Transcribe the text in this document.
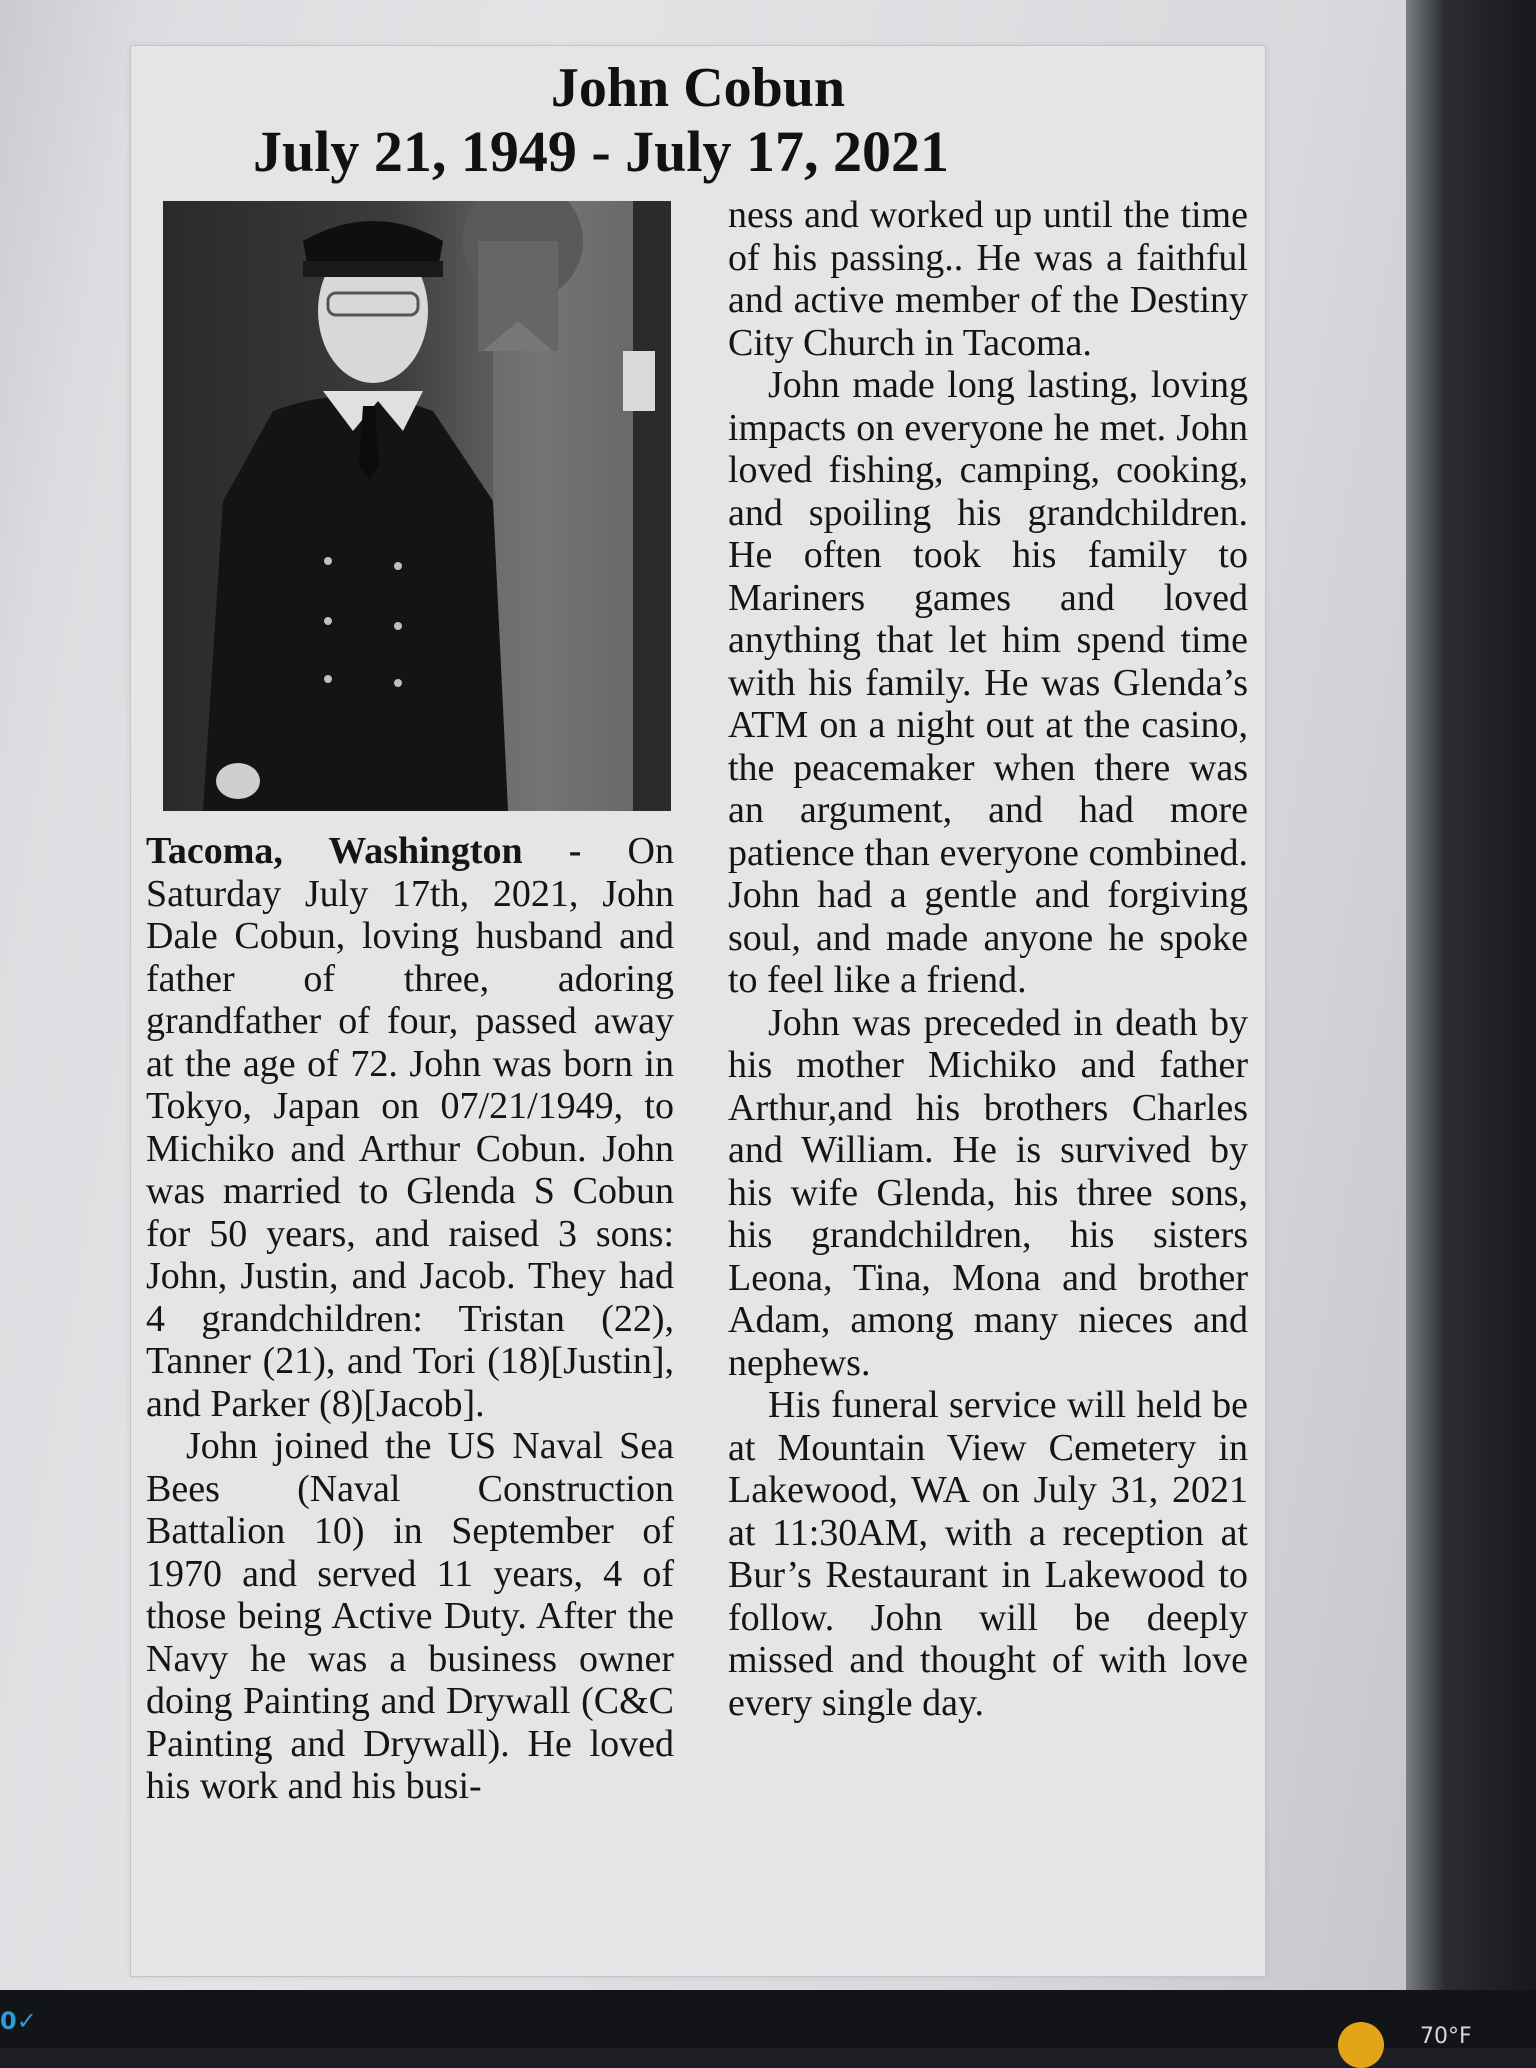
John Cobun
July 21, 1949 - July 17, 2021

Tacoma, Washington - On Saturday July 17th, 2021, John Dale Cobun, loving husband and father of three, adoring grandfather of four, passed away at the age of 72. John was born in Tokyo, Japan on 07/21/1949, to Michiko and Arthur Cobun. John was married to Glenda S Cobun for 50 years, and raised 3 sons: John, Justin, and Jacob. They had 4 grandchildren: Tristan (22), Tanner (21), and Tori (18)[Justin], and Parker (8)[Jacob].

John joined the US Naval Sea Bees (Naval Construction Battalion 10) in September of 1970 and served 11 years, 4 of those being Active Duty. After the Navy he was a business owner doing Painting and Drywall (C&C Painting and Drywall). He loved his work and his busi-

ness and worked up until the time of his passing.. He was a faithful and active member of the Destiny City Church in Tacoma.

John made long lasting, loving impacts on everyone he met. John loved fishing, camping, cooking, and spoiling his grandchildren. He often took his family to Mariners games and loved anything that let him spend time with his family. He was Glenda’s ATM on a night out at the casino, the peacemaker when there was an argument, and had more patience than everyone combined. John had a gentle and forgiving soul, and made anyone he spoke to feel like a friend.

John was preceded in death by his mother Michiko and father Arthur,and his brothers Charles and William. He is survived by his wife Glenda, his three sons, his grandchildren, his sisters Leona, Tina, Mona and brother Adam, among many nieces and nephews.

His funeral service will held be at Mountain View Cemetery in Lakewood, WA on July 31, 2021 at 11:30AM, with a reception at Bur’s Restaurant in Lakewood to follow. John will be deeply missed and thought of with love every single day.

0✓
70°F
